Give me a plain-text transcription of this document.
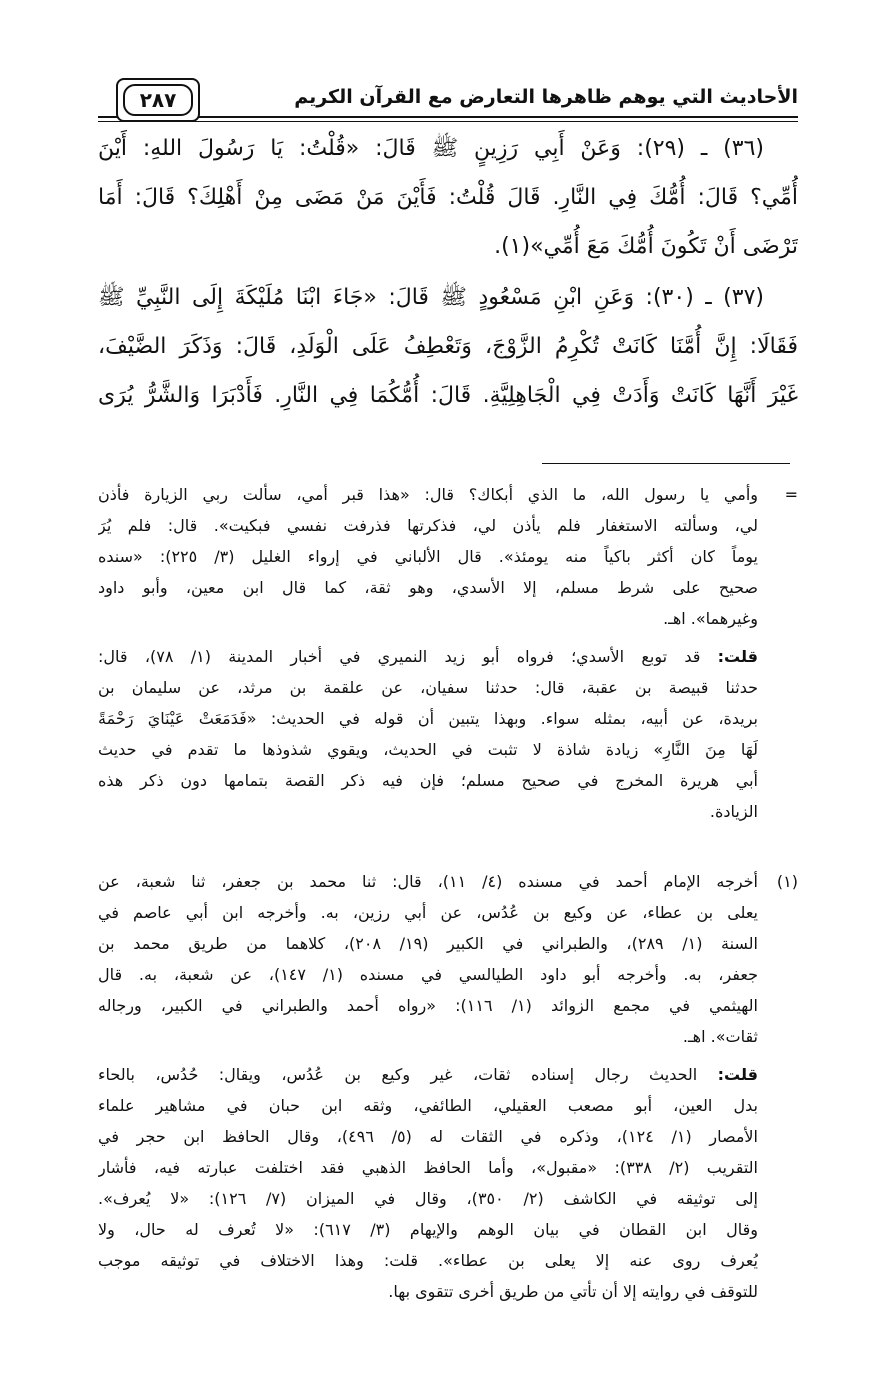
الأحاديث التي يوهم ظاهرها التعارض مع القرآن الكريم
٢٨٧
(٣٦) ـ (٢٩): وَعَنْ أَبِي رَزِينٍ ﷺ قَالَ: «قُلْتُ: يَا رَسُولَ اللهِ: أَيْنَ
أُمِّي؟ قَالَ: أُمُّكَ فِي النَّارِ. قَالَ قُلْتُ: فَأَيْنَ مَنْ مَضَى مِنْ أَهْلِكَ؟ قَالَ: أَمَا
تَرْضَى أَنْ تَكُونَ أُمُّكَ مَعَ أُمِّي»(١).
(٣٧) ـ (٣٠): وَعَنِ ابْنِ مَسْعُودٍ ﷺ قَالَ: «جَاءَ ابْنَا مُلَيْكَةَ إِلَى النَّبِيِّ ﷺ
فَقَالَا: إِنَّ أُمَّنَا كَانَتْ تُكْرِمُ الزَّوْجَ، وَتَعْطِفُ عَلَى الْوَلَدِ، قَالَ: وَذَكَرَ الضَّيْفَ،
غَيْرَ أَنَّهَا كَانَتْ وَأَدَتْ فِي الْجَاهِلِيَّةِ. قَالَ: أُمُّكُمَا فِي النَّارِ. فَأَدْبَرَا وَالشَّرُّ يُرَى
=
وأمي يا رسول الله، ما الذي أبكاك؟ قال: «هذا قبر أمي، سألت ربي الزيارة فأذن
لي، وسألته الاستغفار فلم يأذن لي، فذكرتها فذرفت نفسي فبكيت». قال: فلم يُرَ
يوماً كان أكثر باكياً منه يومئذ». قال الألباني في إرواء الغليل (٣/ ٢٢٥): «سنده
صحيح على شرط مسلم، إلا الأسدي، وهو ثقة، كما قال ابن معين، وأبو داود
وغيرهما». اهـ.
قلت: قد توبع الأسدي؛ فرواه أبو زيد النميري في أخبار المدينة (١/ ٧٨)، قال:
حدثنا قبيصة بن عقبة، قال: حدثنا سفيان، عن علقمة بن مرثد، عن سليمان بن
بريدة، عن أبيه، بمثله سواء. وبهذا يتبين أن قوله في الحديث: «فَدَمَعَتْ عَيْنَايَ رَحْمَةً
لَهَا مِنَ النَّارِ» زيادة شاذة لا تثبت في الحديث، ويقوي شذوذها ما تقدم في حديث
أبي هريرة المخرج في صحيح مسلم؛ فإن فيه ذكر القصة بتمامها دون ذكر هذه
الزيادة.
(١)
أخرجه الإمام أحمد في مسنده (٤/ ١١)، قال: ثنا محمد بن جعفر، ثنا شعبة، عن
يعلى بن عطاء، عن وكيع بن عُدُس، عن أبي رزين، به. وأخرجه ابن أبي عاصم في
السنة (١/ ٢٨٩)، والطبراني في الكبير (١٩/ ٢٠٨)، كلاهما من طريق محمد بن
جعفر، به. وأخرجه أبو داود الطيالسي في مسنده (١/ ١٤٧)، عن شعبة، به. قال
الهيثمي في مجمع الزوائد (١/ ١١٦): «رواه أحمد والطبراني في الكبير، ورجاله
ثقات». اهـ.
قلت: الحديث رجال إسناده ثقات، غير وكيع بن عُدُس، ويقال: حُدُس، بالحاء
بدل العين، أبو مصعب العقيلي، الطائفي، وثقه ابن حبان في مشاهير علماء
الأمصار (١/ ١٢٤)، وذكره في الثقات له (٥/ ٤٩٦)، وقال الحافظ ابن حجر في
التقريب (٢/ ٣٣٨): «مقبول»، وأما الحافظ الذهبي فقد اختلفت عبارته فيه، فأشار
إلى توثيقه في الكاشف (٢/ ٣٥٠)، وقال في الميزان (٧/ ١٢٦): «لا يُعرف».
وقال ابن القطان في بيان الوهم والإيهام (٣/ ٦١٧): «لا تُعرف له حال، ولا
يُعرف روى عنه إلا يعلى بن عطاء». قلت: وهذا الاختلاف في توثيقه موجب
للتوقف في روايته إلا أن تأتي من طريق أخرى تتقوى بها.
